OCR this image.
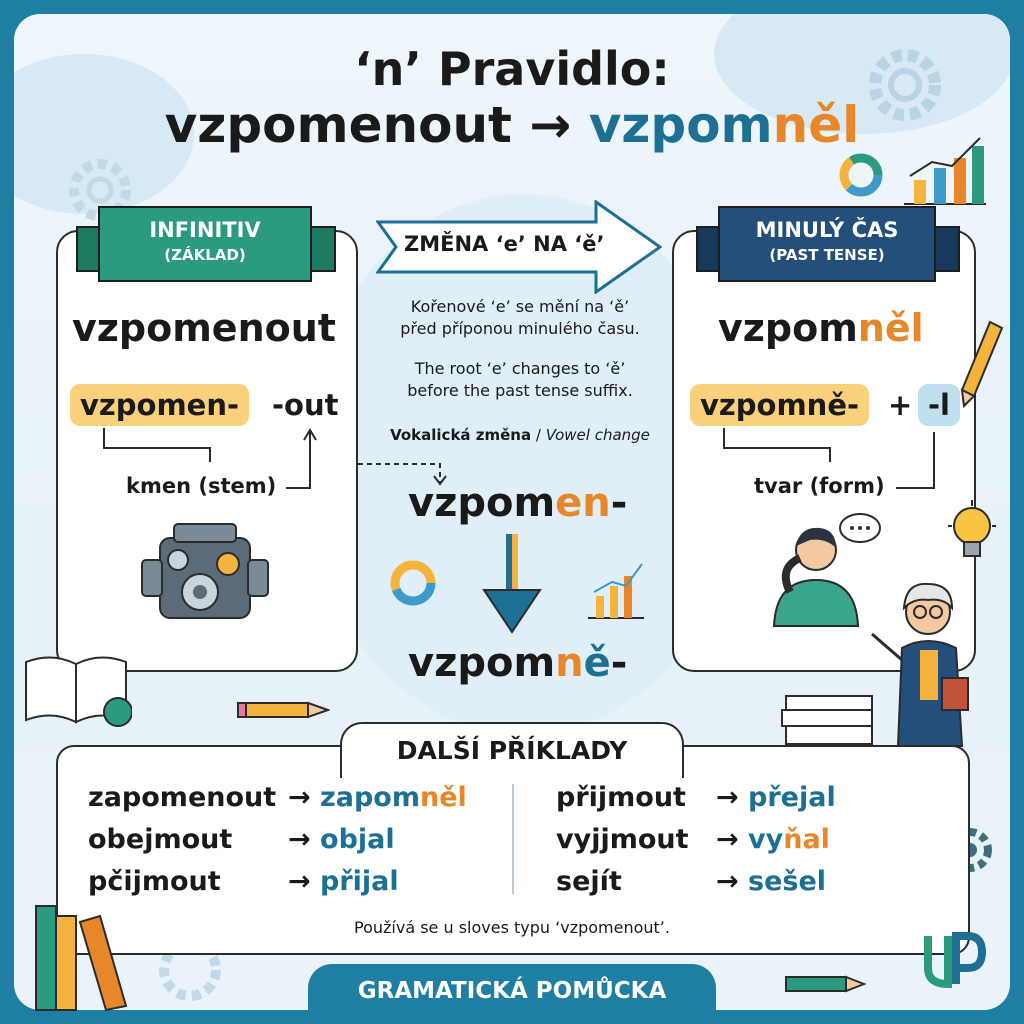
‘n’ Pravidlo:
vzpomenout → vzpomněl
INFINITIV
(ZÁKLAD)
vzpomenout
vzpomen-	-out
kmen (stem)
ZMĚNA ‘e’ NA ‘ě’
Kořenové ‘e’ se mění na ‘ě’
před příponou minulého času.
The root ‘e’ changes to ‘ě’
before the past tense suffix.
Vokalická změna / Vowel change
vzpomen-
vzpomně-
MINULÝ ČAS
(PAST TENSE)
vzpomněl
vzpomně- + -l
tvar (form)
DALŠÍ PŘÍKLADY
zapomenout → zapomněl
obejmout → objal
pčijmout → přijal
přijmout → přejal
vyjjmout → vyňal
sejít	→ sešel
Používá se u sloves typu ‘vzpomenout’.
GRAMATICKÁ POMŮCKA
